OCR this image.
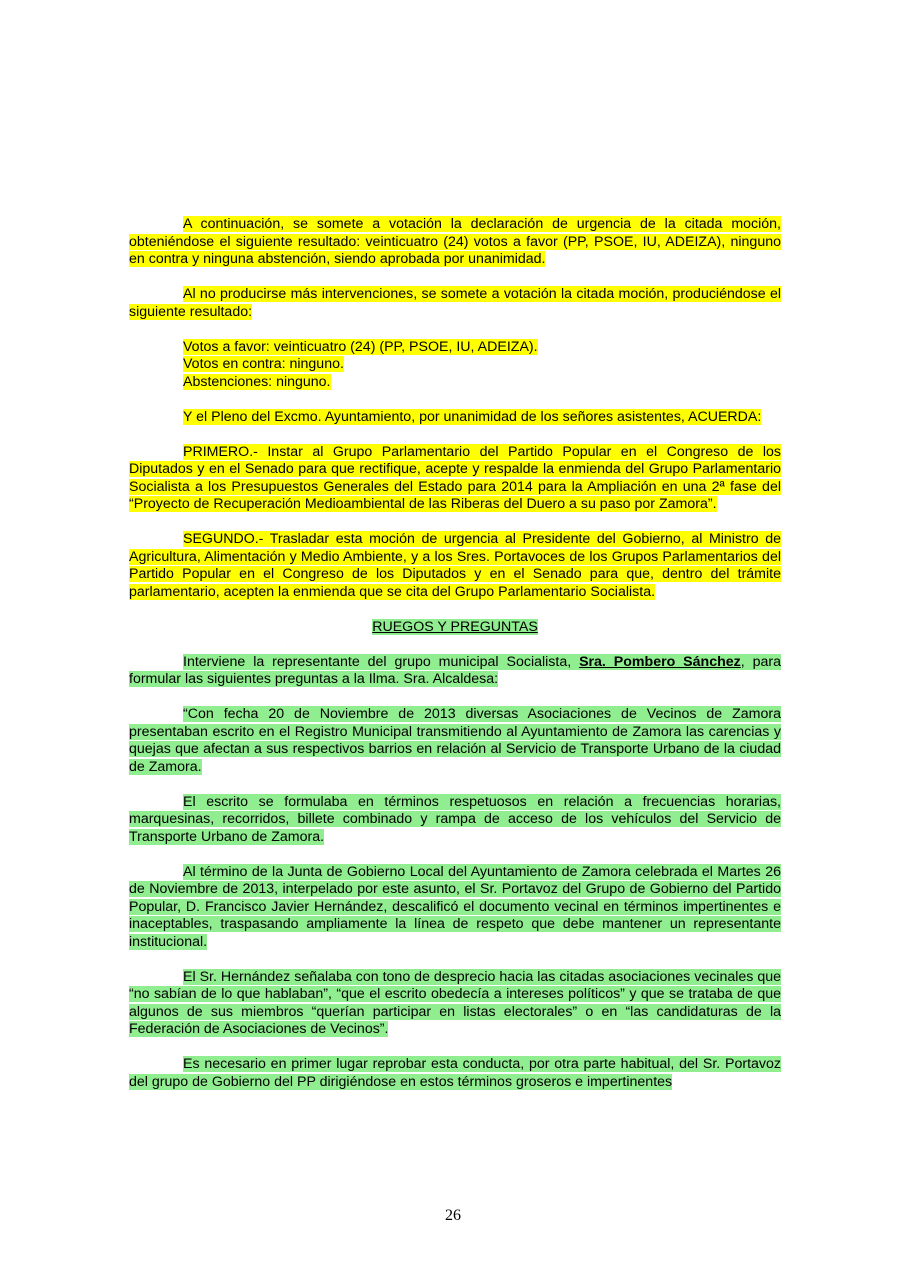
A continuación, se somete a votación la declaración de urgencia de la citada moción, obteniéndose el siguiente resultado: veinticuatro (24) votos a favor (PP, PSOE, IU, ADEIZA), ninguno en contra y ninguna abstención, siendo aprobada por unanimidad.

Al no producirse más intervenciones, se somete a votación la citada moción, produciéndose el siguiente resultado:

Votos a favor: veinticuatro (24) (PP, PSOE, IU, ADEIZA).

Votos en contra: ninguno.

Abstenciones: ninguno.

Y el Pleno del Excmo. Ayuntamiento, por unanimidad de los señores asistentes, ACUERDA:

PRIMERO.- Instar al Grupo Parlamentario del Partido Popular en el Congreso de los Diputados y en el Senado para que rectifique, acepte y respalde la enmienda del Grupo Parlamentario Socialista a los Presupuestos Generales del Estado para 2014 para la Ampliación en una 2ª fase del “Proyecto de Recuperación Medioambiental de las Riberas del Duero a su paso por Zamora”.

SEGUNDO.- Trasladar esta moción de urgencia al Presidente del Gobierno, al Ministro de Agricultura, Alimentación y Medio Ambiente, y a los Sres. Portavoces de los Grupos Parlamentarios del Partido Popular en el Congreso de los Diputados y en el Senado para que, dentro del trámite parlamentario, acepten la enmienda que se cita del Grupo Parlamentario Socialista.

RUEGOS Y PREGUNTAS

Interviene la representante del grupo municipal Socialista, Sra. Pombero Sánchez, para formular las siguientes preguntas a la Ilma. Sra. Alcaldesa:

“Con fecha 20 de Noviembre de 2013 diversas Asociaciones de Vecinos de Zamora presentaban escrito en el Registro Municipal transmitiendo al Ayuntamiento de Zamora las carencias y quejas que afectan a sus respectivos barrios en relación al Servicio de Transporte Urbano de la ciudad de Zamora.

El escrito se formulaba en términos respetuosos en relación a frecuencias horarias, marquesinas, recorridos, billete combinado y rampa de acceso de los vehículos del Servicio de Transporte Urbano de Zamora.

Al término de la Junta de Gobierno Local del Ayuntamiento de Zamora celebrada el Martes 26 de Noviembre de 2013, interpelado por este asunto, el Sr. Portavoz del Grupo de Gobierno del Partido Popular, D. Francisco Javier Hernández, descalificó el documento vecinal en términos impertinentes e inaceptables, traspasando ampliamente la línea de respeto que debe mantener un representante institucional.

El Sr. Hernández señalaba con tono de desprecio hacia las citadas asociaciones vecinales que “no sabían de lo que hablaban”, “que el escrito obedecía a intereses políticos” y que se trataba de que algunos de sus miembros “querían participar en listas electorales” o en “las candidaturas de la Federación de Asociaciones de Vecinos”.

Es necesario en primer lugar reprobar esta conducta, por otra parte habitual, del Sr. Portavoz del grupo de Gobierno del PP dirigiéndose en estos términos groseros e impertinentes

26
